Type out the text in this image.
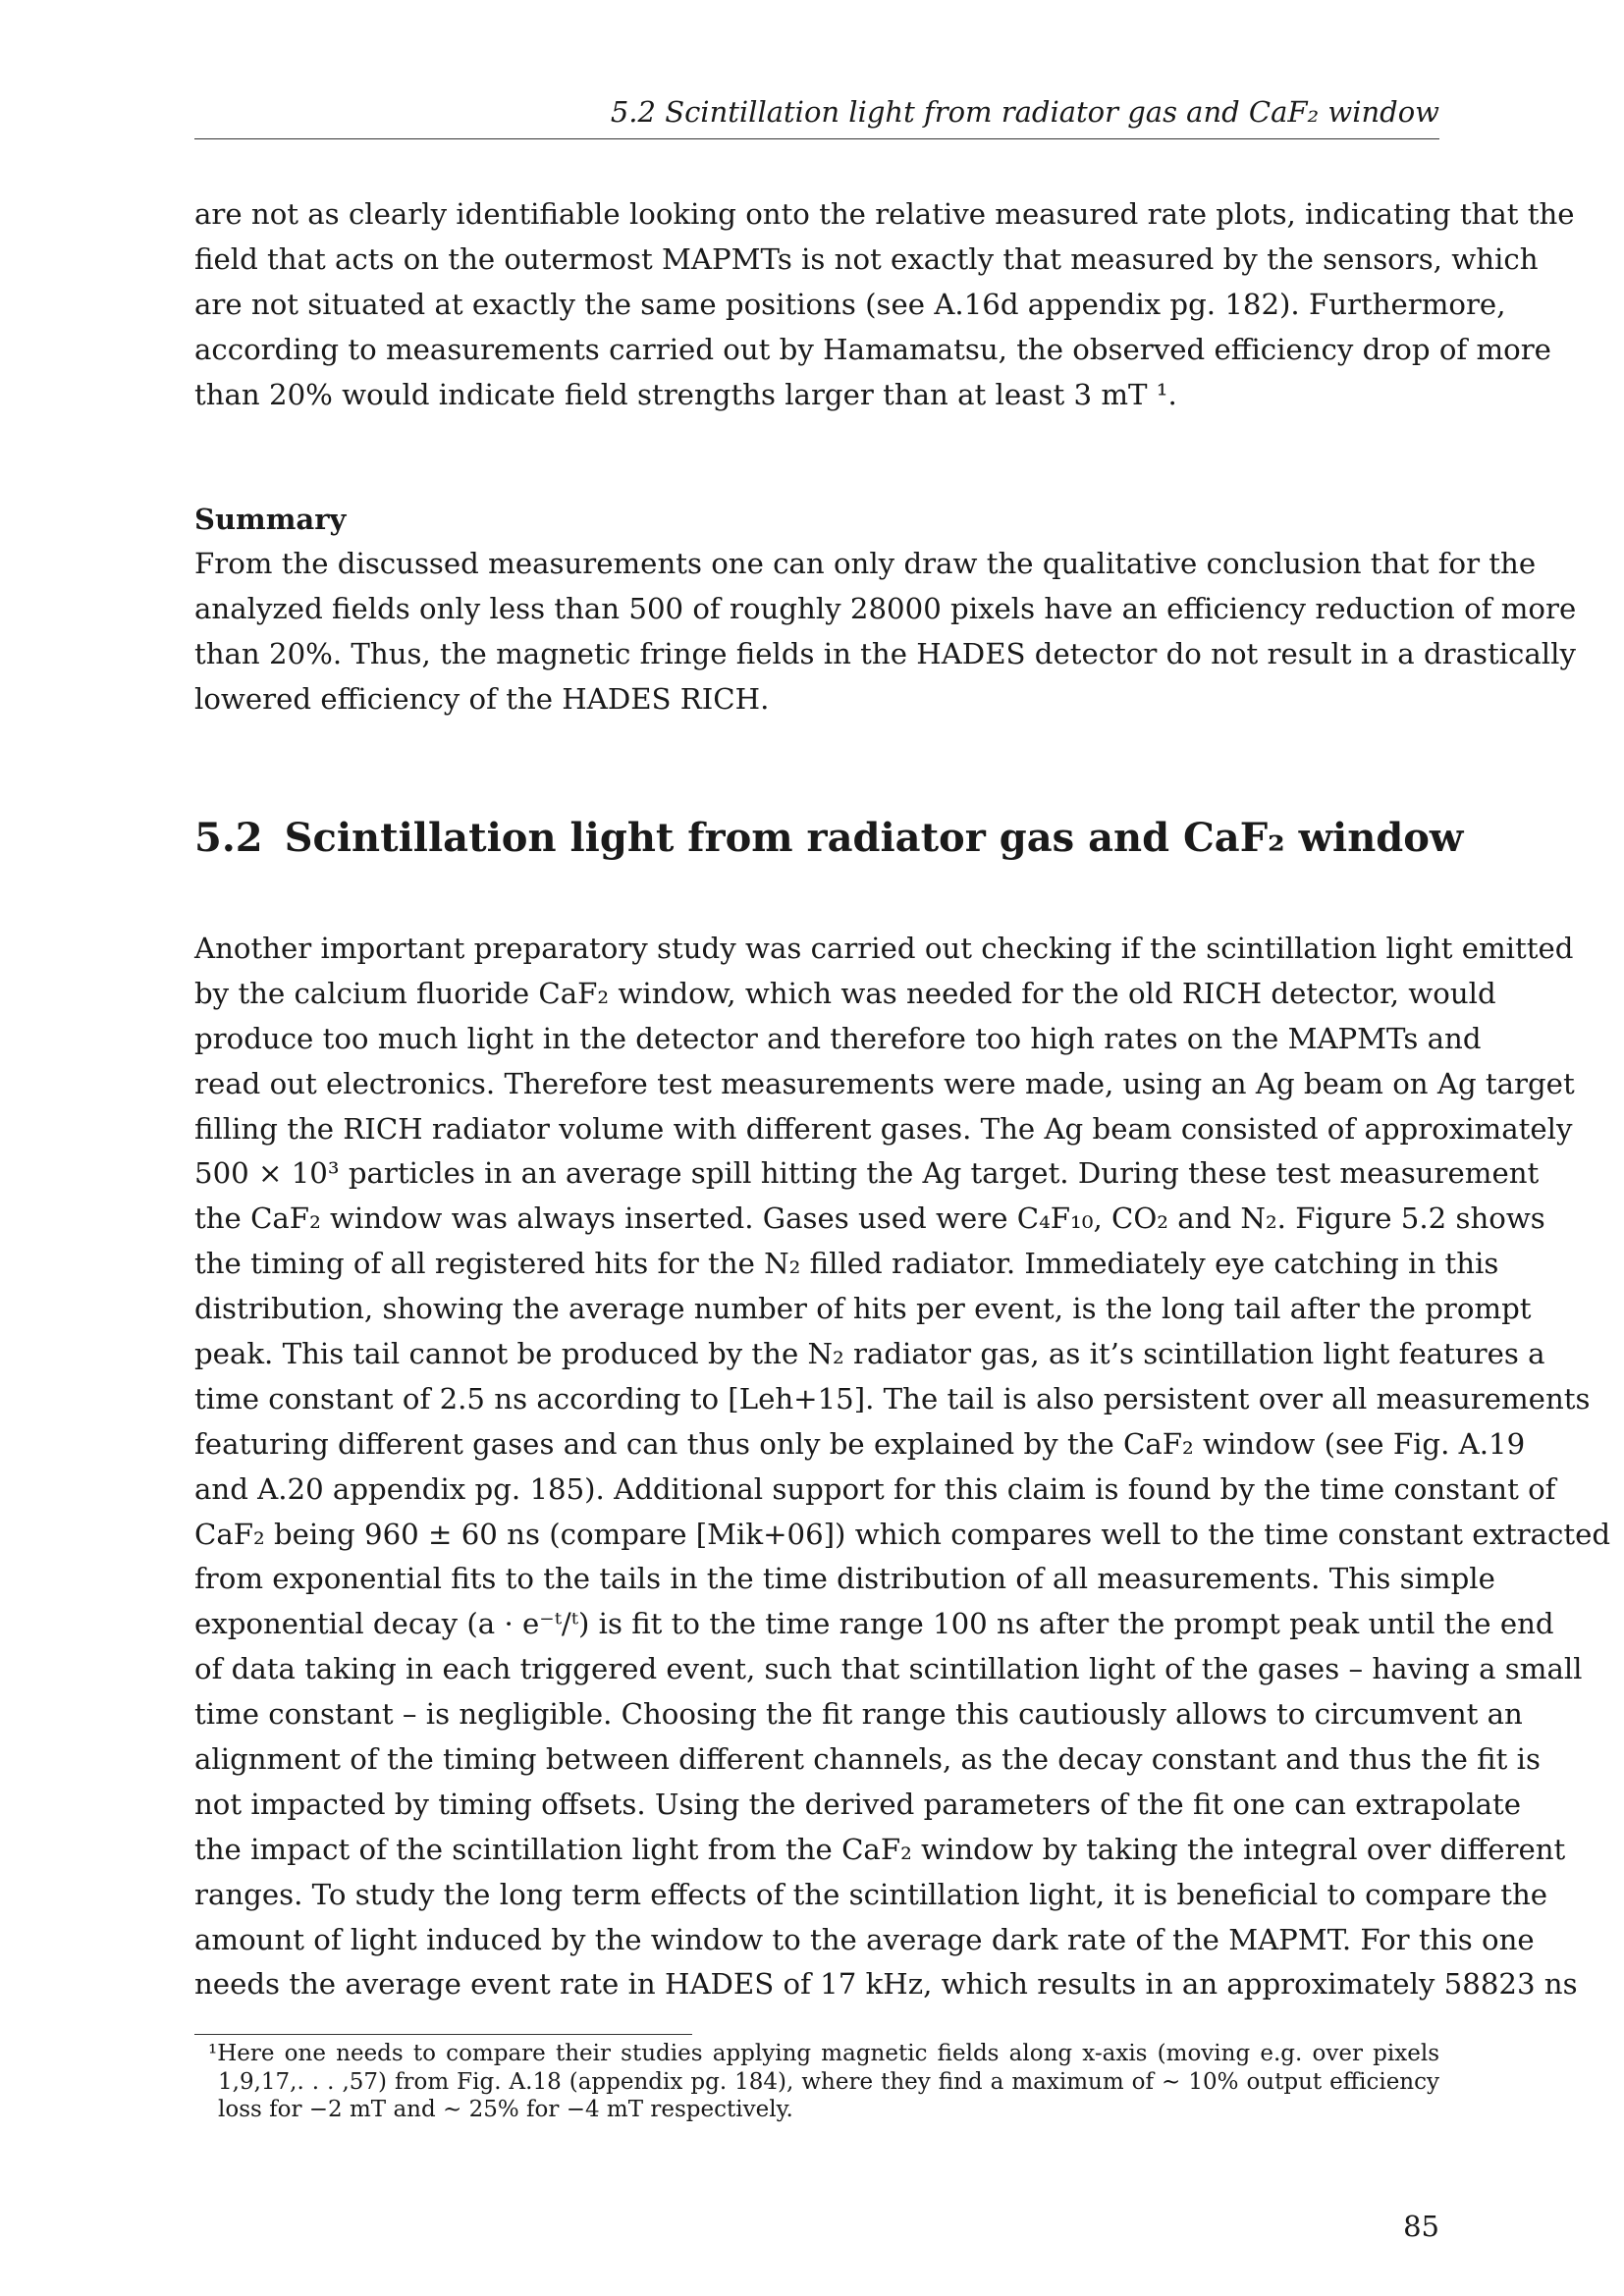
5.2 Scintillation light from radiator gas and CaF₂ window
are not as clearly identifiable looking onto the relative measured rate plots, indicating that the
field that acts on the outermost MAPMTs is not exactly that measured by the sensors, which
are not situated at exactly the same positions (see A.16d appendix pg. 182). Furthermore,
according to measurements carried out by Hamamatsu, the observed efficiency drop of more
than 20% would indicate field strengths larger than at least 3 mT ¹.
Summary
From the discussed measurements one can only draw the qualitative conclusion that for the
analyzed fields only less than 500 of roughly 28000 pixels have an efficiency reduction of more
than 20%. Thus, the magnetic fringe fields in the HADES detector do not result in a drastically
lowered efficiency of the HADES RICH.
5.2 Scintillation light from radiator gas and CaF₂ window
Another important preparatory study was carried out checking if the scintillation light emitted
by the calcium fluoride CaF₂ window, which was needed for the old RICH detector, would
produce too much light in the detector and therefore too high rates on the MAPMTs and
read out electronics. Therefore test measurements were made, using an Ag beam on Ag target
filling the RICH radiator volume with different gases. The Ag beam consisted of approximately
500 × 10³ particles in an average spill hitting the Ag target. During these test measurement
the CaF₂ window was always inserted. Gases used were C₄F₁₀, CO₂ and N₂. Figure 5.2 shows
the timing of all registered hits for the N₂ filled radiator. Immediately eye catching in this
distribution, showing the average number of hits per event, is the long tail after the prompt
peak. This tail cannot be produced by the N₂ radiator gas, as it’s scintillation light features a
time constant of 2.5 ns according to [Leh+15]. The tail is also persistent over all measurements
featuring different gases and can thus only be explained by the CaF₂ window (see Fig. A.19
and A.20 appendix pg. 185). Additional support for this claim is found by the time constant of
CaF₂ being 960 ± 60 ns (compare [Mik+06]) which compares well to the time constant extracted
from exponential fits to the tails in the time distribution of all measurements. This simple
exponential decay (a · e⁻ᵗ/ᵗ) is fit to the time range 100 ns after the prompt peak until the end
of data taking in each triggered event, such that scintillation light of the gases – having a small
time constant – is negligible. Choosing the fit range this cautiously allows to circumvent an
alignment of the timing between different channels, as the decay constant and thus the fit is
not impacted by timing offsets. Using the derived parameters of the fit one can extrapolate
the impact of the scintillation light from the CaF₂ window by taking the integral over different
ranges. To study the long term effects of the scintillation light, it is beneficial to compare the
amount of light induced by the window to the average dark rate of the MAPMT. For this one
needs the average event rate in HADES of 17 kHz, which results in an approximately 58823 ns
¹Here one needs to compare their studies applying magnetic fields along x-axis (moving e.g. over pixels
1,9,17,. . . ,57) from Fig. A.18 (appendix pg. 184), where they find a maximum of ∼ 10% output efficiency
loss for −2 mT and ∼ 25% for −4 mT respectively.
85
